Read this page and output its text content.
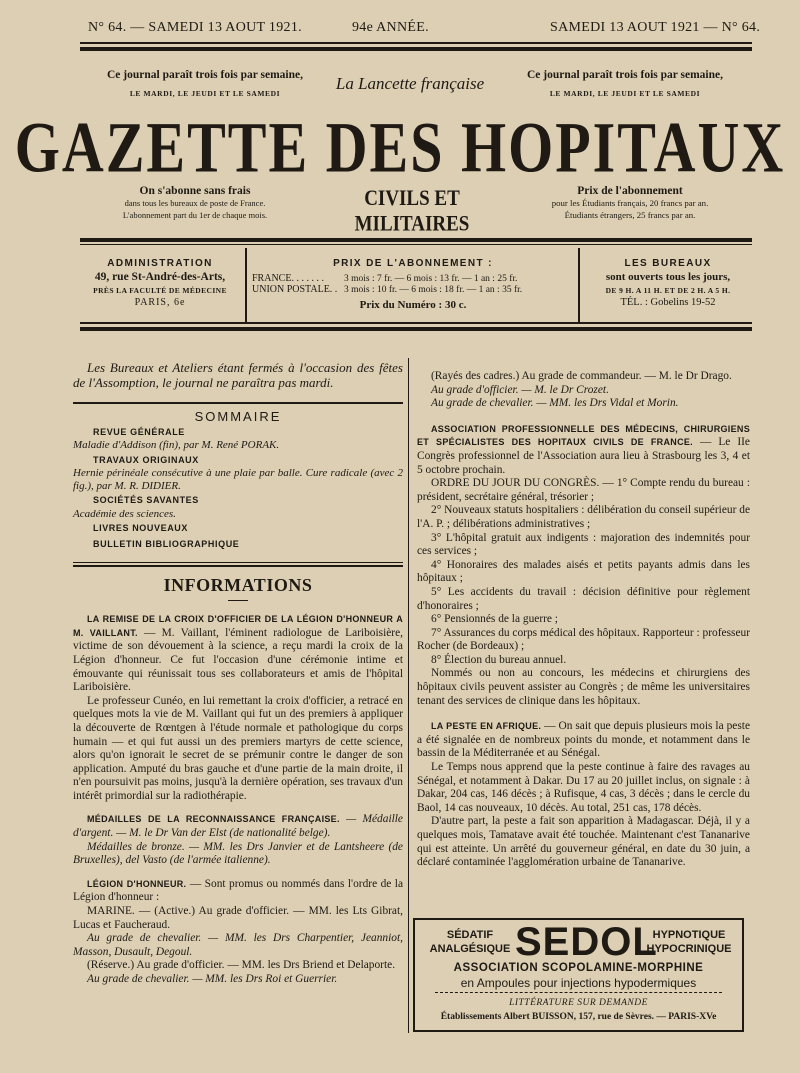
N° 64. — SAMEDI 13 AOUT 1921.	94e ANNÉE.	SAMEDI 13 AOUT 1921 — N° 64.
Ce journal paraît trois fois par semaine,
LE MARDI, LE JEUDI ET LE SAMEDI
La Lancette française	Ce journal paraît trois fois par semaine,
LE MARDI, LE JEUDI ET LE SAMEDI
GAZETTE DES HOPITAUX
On s'abonne sans frais
dans tous les bureaux de poste de France.
L'abonnement part du 1er de chaque mois.
CIVILS ET MILITAIRES
Prix de l'abonnement
pour les Étudiants français, 20 francs par an.
Étudiants étrangers, 25 francs par an.
ADMINISTRATION
49, rue St-André-des-Arts,
PRÈS LA FACULTÉ DE MÉDECINE
PARIS, 6e
PRIX DE L'ABONNEMENT :
FRANCE. . . . . . . 3 mois : 7 fr. — 6 mois : 13 fr. — 1 an : 25 fr.
UNION POSTALE. . 3 mois : 10 fr. — 6 mois : 18 fr. — 1 an : 35 fr.
Prix du Numéro : 30 c.
LES BUREAUX
sont ouverts tous les jours,
DE 9 H. A 11 H. ET DE 2 H. A 5 H.
TÉL. : Gobelins 19-52

Les Bureaux et Ateliers étant fermés à l'occasion des fêtes de l'Assomption, le journal ne paraîtra pas mardi.

SOMMAIRE
REVUE GÉNÉRALE
Maladie d'Addison (fin), par M. René PORAK.
TRAVAUX ORIGINAUX
Hernie périnéale consécutive à une plaie par balle. Cure radicale (avec 2 fig.), par M. R. DIDIER.
SOCIÉTÉS SAVANTES
Académie des sciences.
LIVRES NOUVEAUX
BULLETIN BIBLIOGRAPHIQUE
INFORMATIONS

LA REMISE DE LA CROIX D'OFFICIER DE LA LÉGION D'HONNEUR A M. VAILLANT. — M. Vaillant, l'éminent radiologue de Lariboisière, victime de son dévouement à la science, a reçu mardi la croix de la Légion d'honneur. Ce fut l'occasion d'une cérémonie intime et émouvante qui réunissait tous ses collaborateurs et amis de l'hôpital Lariboisière.

Le professeur Cunéo, en lui remettant la croix d'officier, a retracé en quelques mots la vie de M. Vaillant qui fut un des premiers à appliquer la découverte de Rœntgen à l'étude normale et pathologique du corps humain — et qui fut aussi un des premiers martyrs de cette science, alors qu'on ignorait le secret de se prémunir contre le danger de son application. Amputé du bras gauche et d'une partie de la main droite, il n'en poursuivit pas moins, jusqu'à la dernière opération, ses travaux d'un intérêt primordial sur la radiothérapie.

MÉDAILLES DE LA RECONNAISSANCE FRANÇAISE. — Médaille d'argent. — M. le Dr Van der Elst (de nationalité belge).

Médailles de bronze. — MM. les Drs Janvier et de Lantsheere (de Bruxelles), del Vasto (de l'armée italienne).

LÉGION D'HONNEUR. — Sont promus ou nommés dans l'ordre de la Légion d'honneur :

MARINE. — (Active.) Au grade d'officier. — MM. les Lts Gibrat, Lucas et Faucheraud.

Au grade de chevalier. — MM. les Drs Charpentier, Jeanniot, Masson, Dusault, Degoul.

(Réserve.) Au grade d'officier. — MM. les Drs Briend et Delaporte.

Au grade de chevalier. — MM. les Drs Roi et Guerrier.

(Rayés des cadres.) Au grade de commandeur. — M. le Dr Drago.

Au grade d'officier. — M. le Dr Crozet.

Au grade de chevalier. — MM. les Drs Vidal et Morin.

ASSOCIATION PROFESSIONNELLE DES MÉDECINS, CHIRURGIENS ET SPÉCIALISTES DES HOPITAUX CIVILS DE FRANCE. — Le IIe Congrès professionnel de l'Association aura lieu à Strasbourg les 3, 4 et 5 octobre prochain.

ORDRE DU JOUR DU CONGRÈS. — 1° Compte rendu du bureau : président, secrétaire général, trésorier ;

2° Nouveaux statuts hospitaliers : délibération du conseil supérieur de l'A. P. ; délibérations administratives ;

3° L'hôpital gratuit aux indigents : majoration des indemnités pour ces services ;

4° Honoraires des malades aisés et petits payants admis dans les hôpitaux ;

5° Les accidents du travail : décision définitive pour règlement d'honoraires ;

6° Pensionnés de la guerre ;

7° Assurances du corps médical des hôpitaux. Rapporteur : professeur Rocher (de Bordeaux) ;

8° Élection du bureau annuel.

Nommés ou non au concours, les médecins et chirurgiens des hôpitaux civils peuvent assister au Congrès ; de même les universitaires tenant des services de clinique dans les hôpitaux.

LA PESTE EN AFRIQUE. — On sait que depuis plusieurs mois la peste a été signalée en de nombreux points du monde, et notamment dans le bassin de la Méditerranée et au Sénégal.

Le Temps nous apprend que la peste continue à faire des ravages au Sénégal, et notamment à Dakar. Du 17 au 20 juillet inclus, on signale : à Dakar, 204 cas, 146 décès ; à Rufisque, 4 cas, 3 décès ; dans le cercle du Baol, 14 cas nouveaux, 10 décès. Au total, 251 cas, 178 décès.

D'autre part, la peste a fait son apparition à Madagascar. Déjà, il y a quelques mois, Tamatave avait été touchée. Maintenant c'est Tananarive qui est atteinte. Un arrêté du gouverneur général, en date du 30 juin, a déclaré contaminée l'agglomération urbaine de Tananarive.

SÉDATIF
ANALGÉSIQUE SEDOL
HYPNOTIQUE
HYPOCRINIQUE
ASSOCIATION SCOPOLAMINE-MORPHINE
en Ampoules pour injections hypodermiques
LITTÉRATURE SUR DEMANDE
Établissements Albert BUISSON, 157, rue de Sèvres. — PARIS-XVe
